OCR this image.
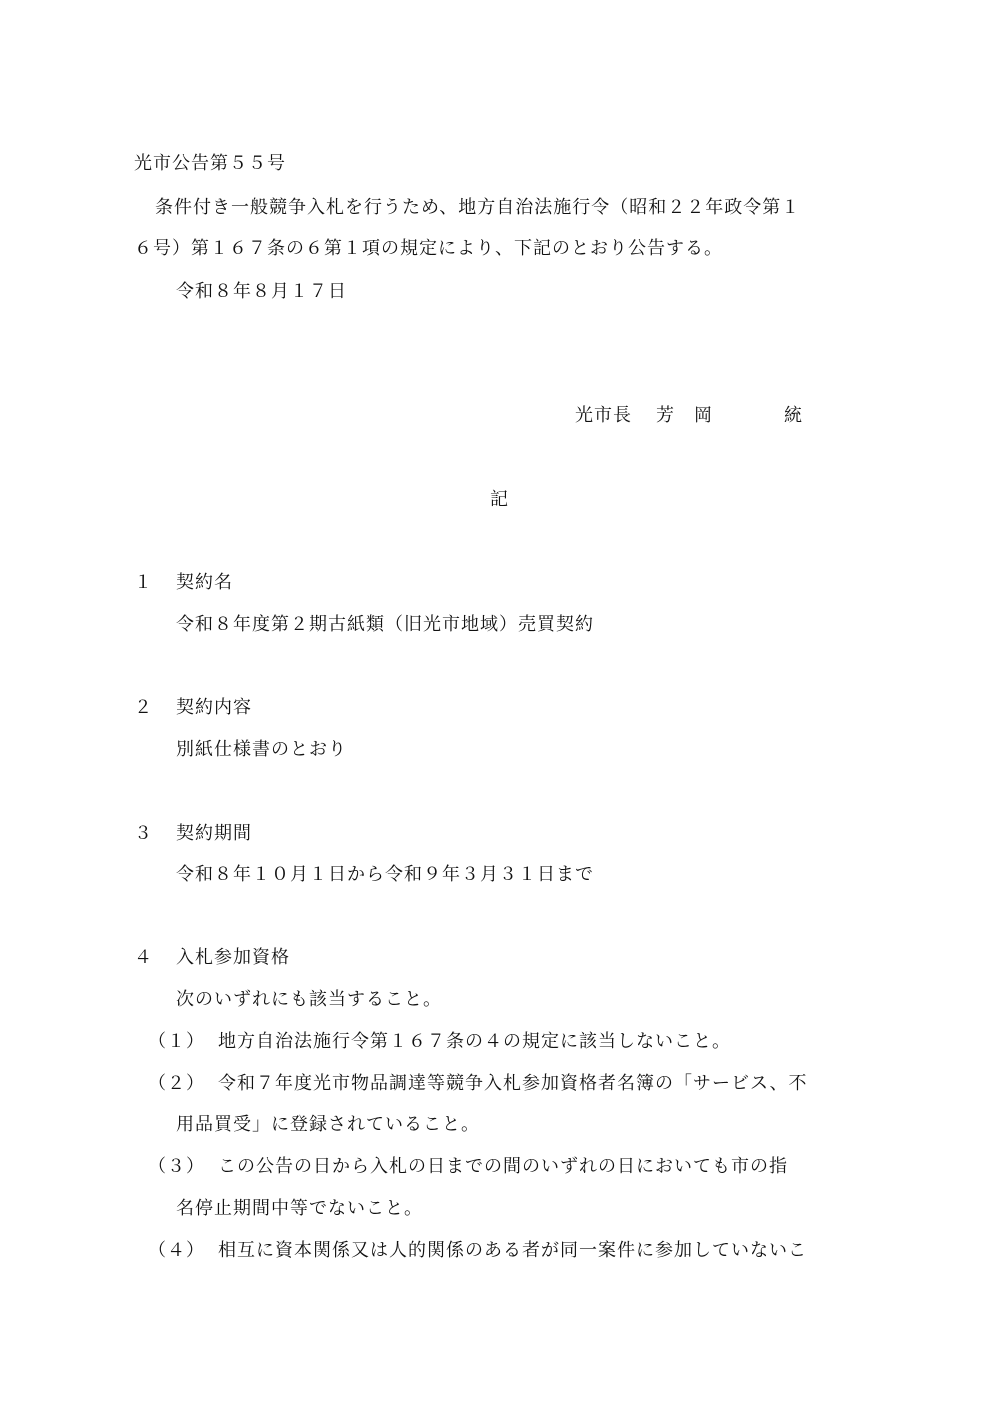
光市公告第５５号
条件付き一般競争入札を行うため、地方自治法施行令（昭和２２年政令第１
６号）第１６７条の６第１項の規定により、下記のとおり公告する。
令和８年８月１７日
光市長 芳　岡	統
記
１ 契約名
令和８年度第２期古紙類（旧光市地域）売買契約
２ 契約内容
別紙仕様書のとおり
３ 契約期間
令和８年１０月１日から令和９年３月３１日まで
４ 入札参加資格
次のいずれにも該当すること。
（１） 地方自治法施行令第１６７条の４の規定に該当しないこと。
（２） 令和７年度光市物品調達等競争入札参加資格者名簿の「サービス、不
用品買受」に登録されていること。
（３） この公告の日から入札の日までの間のいずれの日においても市の指
名停止期間中等でないこと。
（４） 相互に資本関係又は人的関係のある者が同一案件に参加していないこ
